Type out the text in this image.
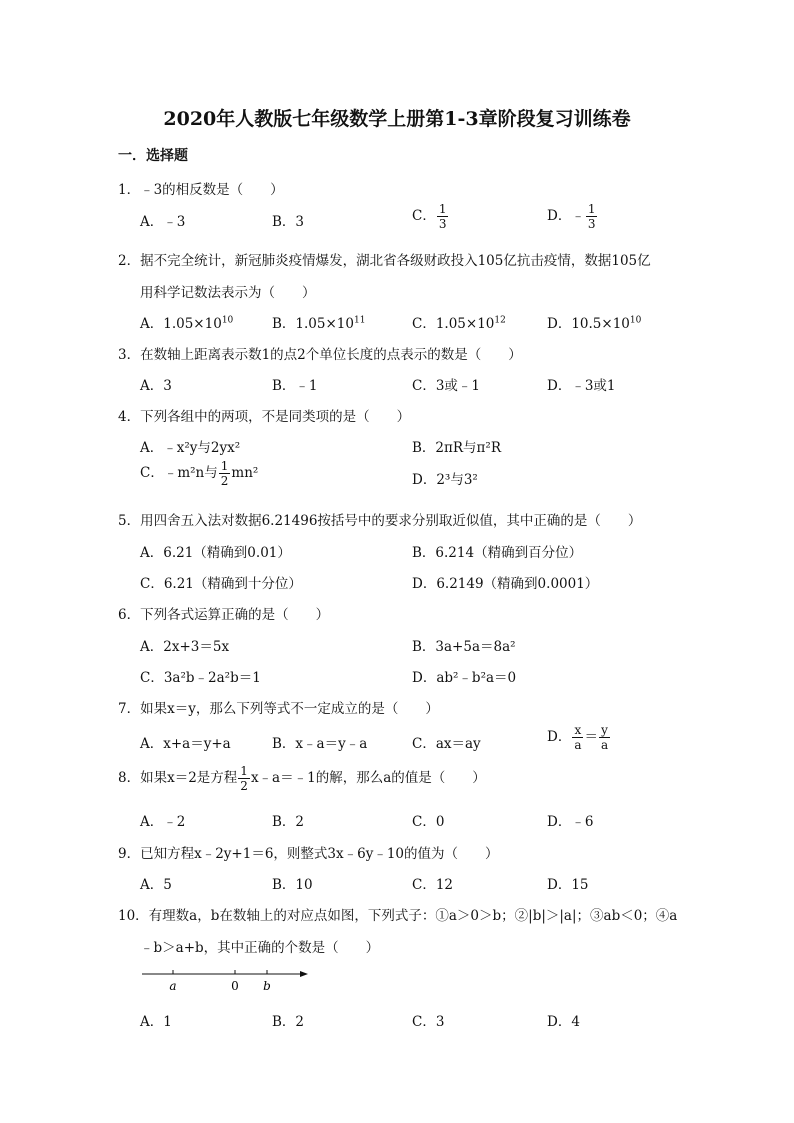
2020年人教版七年级数学上册第1-3章阶段复习训练卷
一．选择题
1．﹣3的相反数是（　　）
A．﹣3	B．3	C． $\frac{1}{3}$	D．﹣ $\frac{1}{3}$
2．据不完全统计，新冠肺炎疫情爆发，湖北省各级财政投入105亿抗击疫情，数据105亿
用科学记数法表示为（　　）
A．$1.05\times 10^{10}$	B．$1.05\times 10^{11}$	C．$1.05\times 10^{12}$	D．$10.5\times 10^{10}$
3．在数轴上距离表示数1的点2个单位长度的点表示的数是（　　）
A．3	B．﹣1	C．3或﹣1	D．﹣3或1
4．下列各组中的两项，不是同类项的是（　　）
A．﹣x²y与2yx²	B．2πR与π²R
C．﹣m²n与 $\frac{1}{2} mn^2$	D．2³与3²
5．用四舍五入法对数据6.21496按括号中的要求分别取近似值，其中正确的是（　　）
A．6.21（精确到0.01）	B．6.214（精确到百分位）
C．6.21（精确到十分位）	D．6.2149（精确到0.0001）
6．下列各式运算正确的是（　　）
A．2x+3＝5x	B．3a+5a＝8a²
C．3a²b﹣2a²b＝1	D．ab²﹣b²a＝0
7．如果x＝y，那么下列等式不一定成立的是（　　）
A．x+a＝y+a	B．x﹣a＝y﹣a	C．ax＝ay	D． $\frac{x}{a} = \frac{y}{a}$
8．如果x＝2是方程 $\frac{1}{2}$ x﹣a＝﹣1的解，那么a的值是（　　）
A．﹣2	B．2	C．0	D．﹣6
9．已知方程x﹣2y+1＝6，则整式3x﹣6y﹣10的值为（　　）
A．5	B．10	C．12	D．15
10．有理数a，b在数轴上的对应点如图，下列式子：①a＞0＞b；②|b|＞|a|；③ab＜0；④a
﹣b＞a+b，其中正确的个数是（　　）
a	0 b
A．1	B．2	C．3	D．4
